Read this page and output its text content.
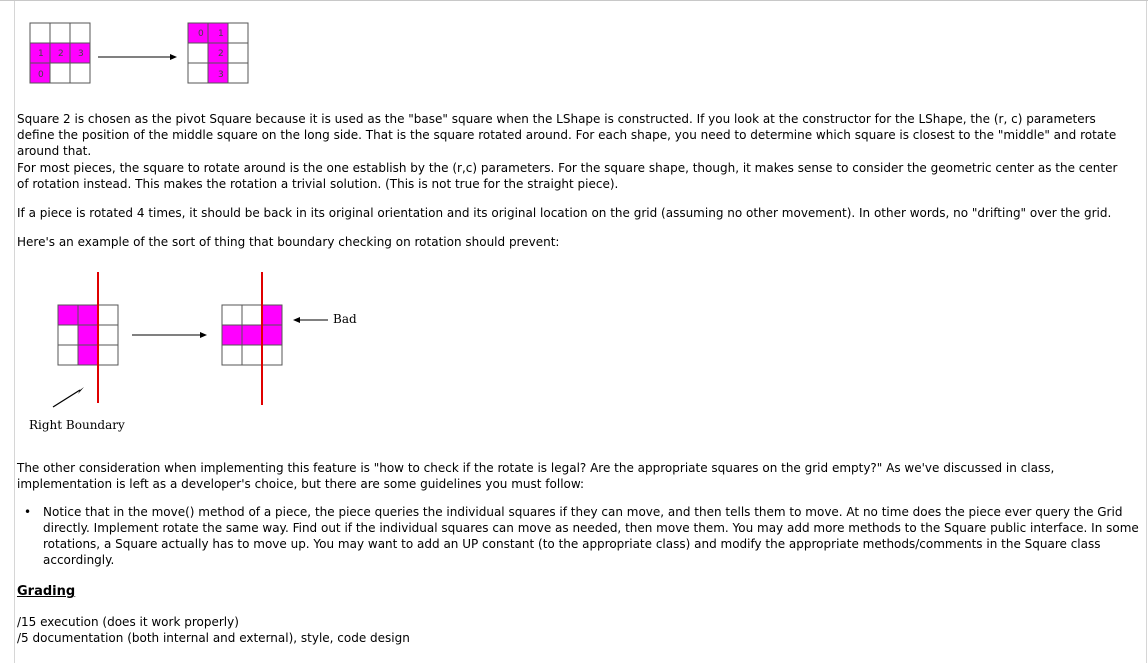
1 2 3
0
0 1
2
3

Square 2 is chosen as the pivot Square because it is used as the "base" square when the LShape is constructed. If you look at the constructor for the LShape, the (r, c) parameters define the position of the middle square on the long side. That is the square rotated around. For each shape, you need to determine which square is closest to the "middle" and rotate around that.

For most pieces, the square to rotate around is the one establish by the (r,c) parameters. For the square shape, though, it makes sense to consider the geometric center as the center of rotation instead. This makes the rotation a trivial solution. (This is not true for the straight piece).

If a piece is rotated 4 times, it should be back in its original orientation and its original location on the grid (assuming no other movement). In other words, no "drifting" over the grid.

Here's an example of the sort of thing that boundary checking on rotation should prevent:

Bad
Right Boundary

The other consideration when implementing this feature is "how to check if the rotate is legal? Are the appropriate squares on the grid empty?" As we've discussed in class, implementation is left as a developer's choice, but there are some guidelines you must follow:

• Notice that in the move() method of a piece, the piece queries the individual squares if they can move, and then tells them to move. At no time does the piece ever query the Grid directly. Implement rotate the same way. Find out if the individual squares can move as needed, then move them. You may add more methods to the Square public interface. In some rotations, a Square actually has to move up. You may want to add an UP constant (to the appropriate class) and modify the appropriate methods/comments in the Square class accordingly.
Grading
/15 execution (does it work properly)
/5 documentation (both internal and external), style, code design
